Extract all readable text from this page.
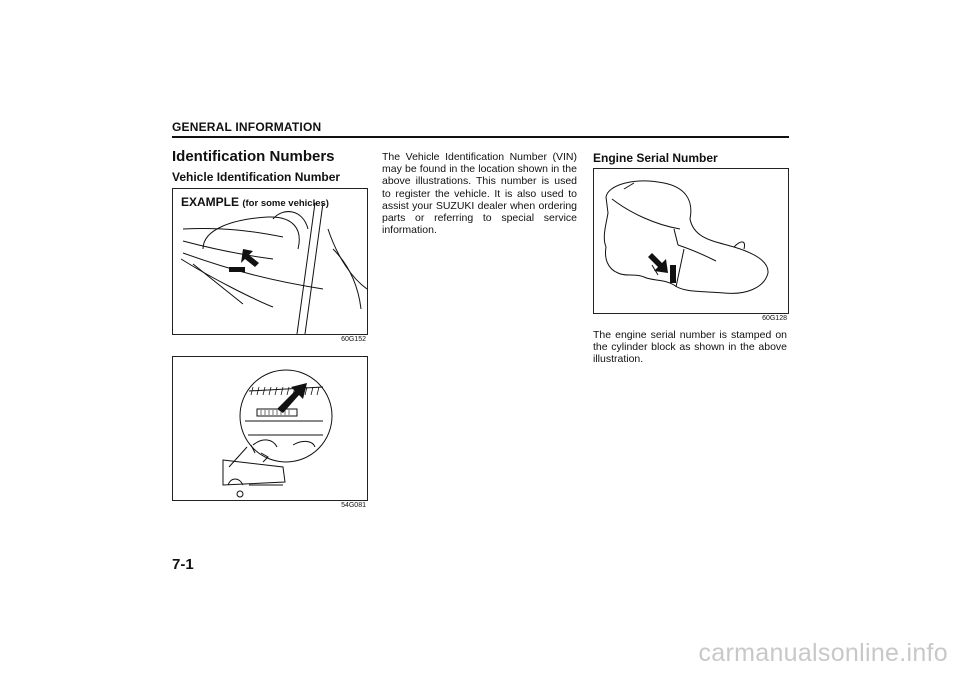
GENERAL INFORMATION
Identification Numbers
Vehicle Identification Number
EXAMPLE (for some vehicles)
60G152
54G081
The Vehicle Identification Number (VIN) may be found in the location shown in the above illustrations. This number is used to register the vehicle. It is also used to assist your SUZUKI dealer when ordering parts or referring to special service information.
Engine Serial Number
60G128
The engine serial number is stamped on the cylinder block as shown in the above illustration.
7-1
carmanualsonline.info
